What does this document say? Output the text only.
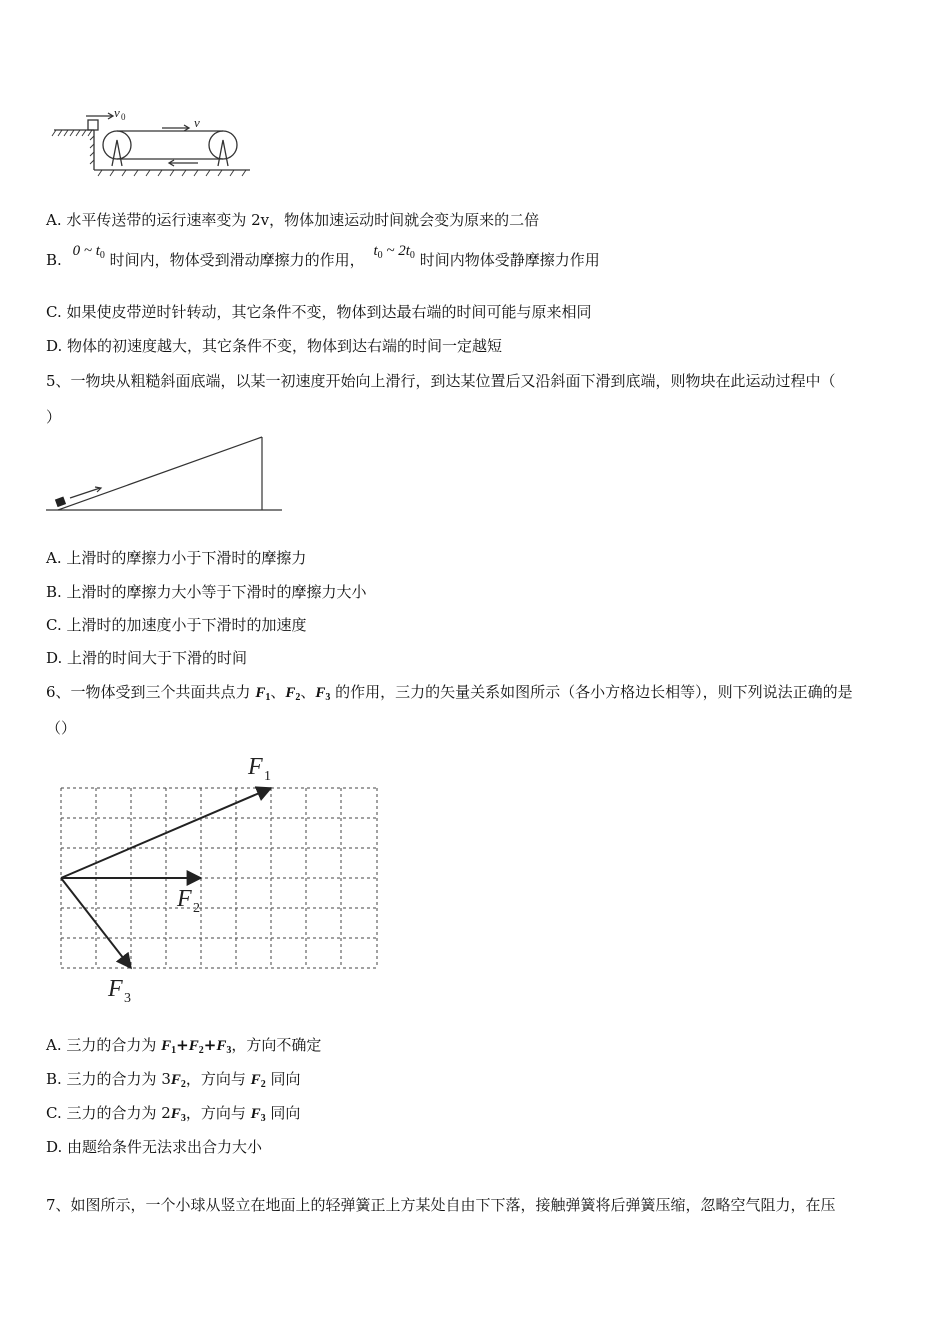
v 0	v
A. 水平传送带的运行速率变为 2v，物体加速运动时间就会变为原来的二倍
B. 0 ~ $t_0$ 时间内，物体受到滑动摩擦力的作用， $t_0$ ~ $2t_0$ 时间内物体受静摩擦力作用
C. 如果使皮带逆时针转动，其它条件不变，物体到达最右端的时间可能与原来相同
D. 物体的初速度越大，其它条件不变，物体到达右端的时间一定越短
5、一物块从粗糙斜面底端，以某一初速度开始向上滑行，到达某位置后又沿斜面下滑到底端，则物块在此运动过程中（
）
A. 上滑时的摩擦力小于下滑时的摩擦力
B. 上滑时的摩擦力大小等于下滑时的摩擦力大小
C. 上滑时的加速度小于下滑时的加速度
D. 上滑的时间大于下滑的时间
6、一物体受到三个共面共点力 $F_1$、$F_2$、$F_3$ 的作用，三力的矢量关系如图所示（各小方格边长相等），则下列说法正确的是
（）
F 1
F 2
F 3
A. 三力的合力为 $F_1+F_2+F_3$，方向不确定
B. 三力的合力为 $3F_2$，方向与 $F_2$ 同向
C. 三力的合力为 $2F_3$，方向与 $F_3$ 同向
D. 由题给条件无法求出合力大小
7、如图所示，一个小球从竖立在地面上的轻弹簧正上方某处自由下下落，接触弹簧将后弹簧压缩，忽略空气阻力，在压
